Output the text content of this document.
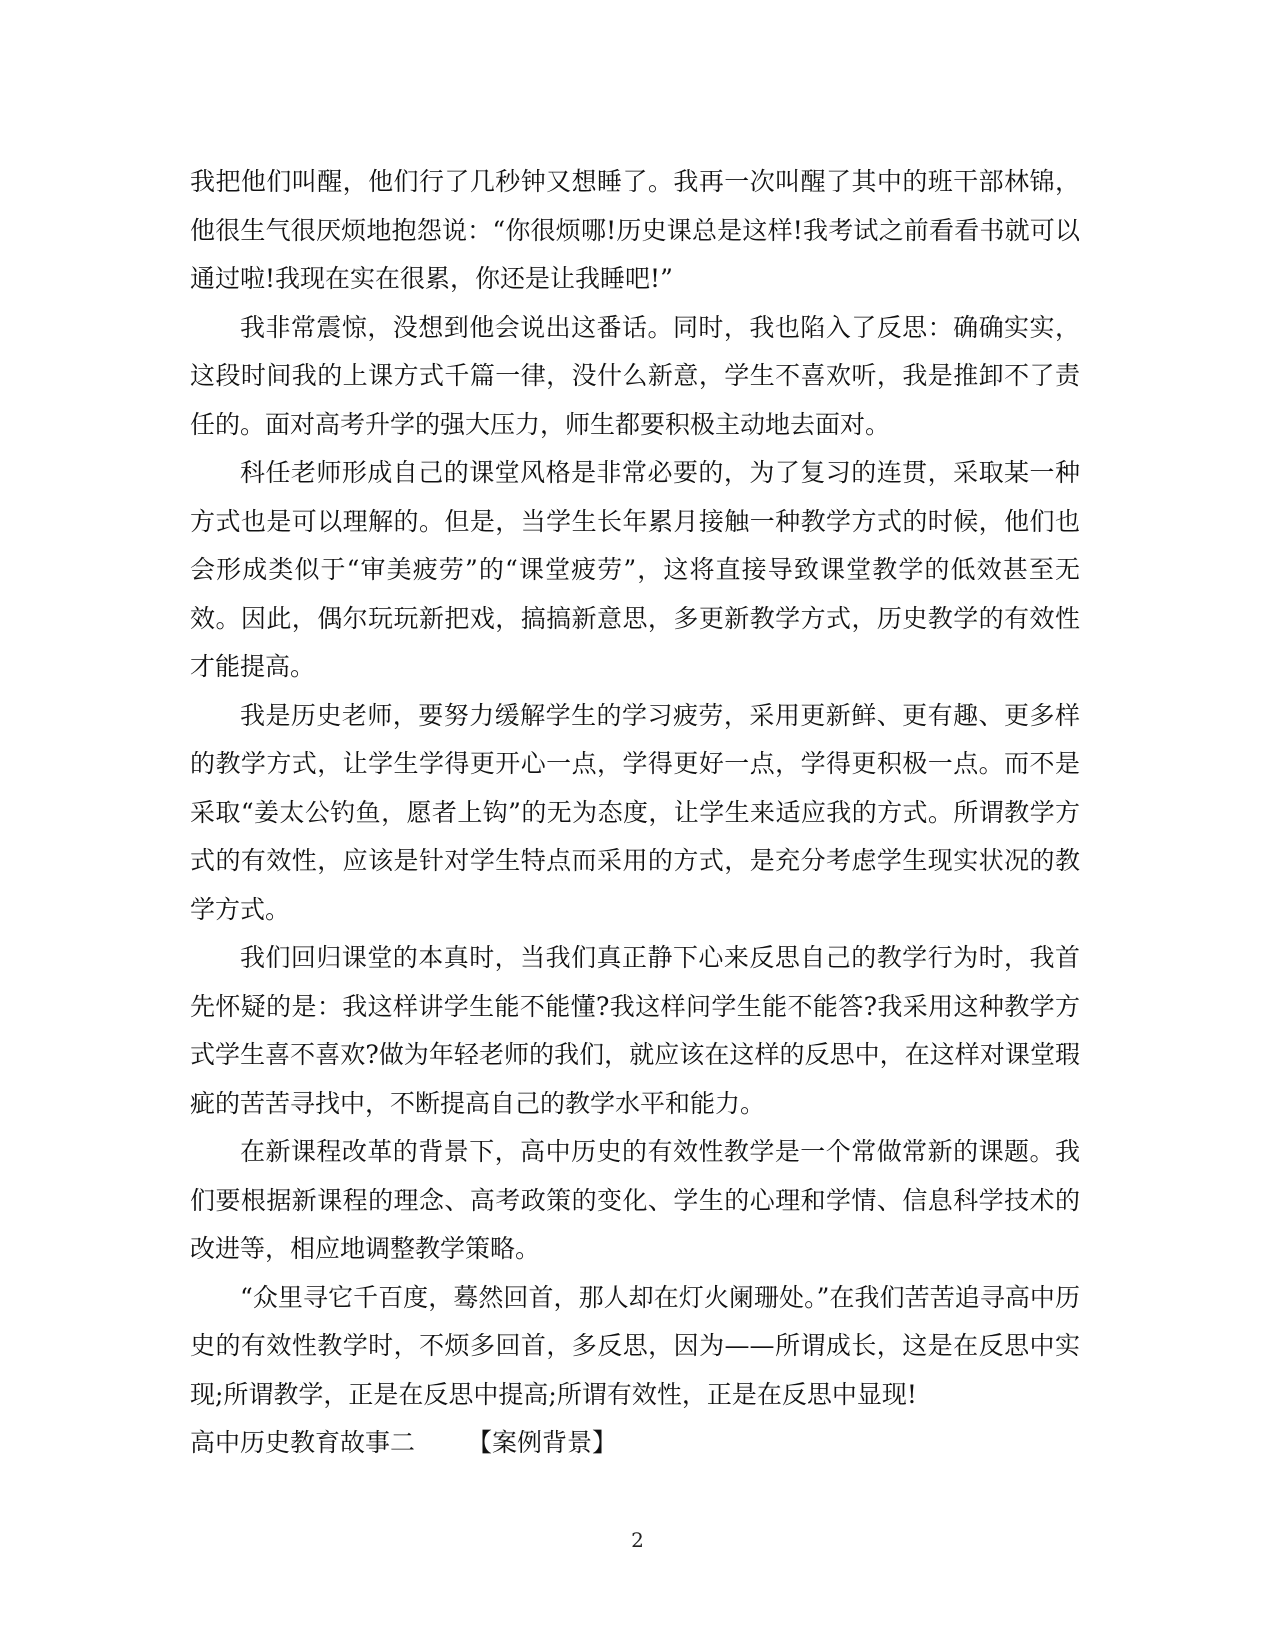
我把他们叫醒，他们行了几秒钟又想睡了。我再一次叫醒了其中的班干部林锦，他很生气很厌烦地抱怨说：“你很烦哪!历史课总是这样!我考试之前看看书就可以通过啦!我现在实在很累，你还是让我睡吧!”

我非常震惊，没想到他会说出这番话。同时，我也陷入了反思：确确实实，这段时间我的上课方式千篇一律，没什么新意，学生不喜欢听，我是推卸不了责任的。面对高考升学的强大压力，师生都要积极主动地去面对。

科任老师形成自己的课堂风格是非常必要的，为了复习的连贯，采取某一种方式也是可以理解的。但是，当学生长年累月接触一种教学方式的时候，他们也会形成类似于“审美疲劳”的“课堂疲劳”，这将直接导致课堂教学的低效甚至无效。因此，偶尔玩玩新把戏，搞搞新意思，多更新教学方式，历史教学的有效性才能提高。

我是历史老师，要努力缓解学生的学习疲劳，采用更新鲜、更有趣、更多样的教学方式，让学生学得更开心一点，学得更好一点，学得更积极一点。而不是采取“姜太公钓鱼，愿者上钩”的无为态度，让学生来适应我的方式。所谓教学方式的有效性，应该是针对学生特点而采用的方式，是充分考虑学生现实状况的教学方式。

我们回归课堂的本真时，当我们真正静下心来反思自己的教学行为时，我首先怀疑的是：我这样讲学生能不能懂?我这样问学生能不能答?我采用这种教学方式学生喜不喜欢?做为年轻老师的我们，就应该在这样的反思中，在这样对课堂瑕疵的苦苦寻找中，不断提高自己的教学水平和能力。

在新课程改革的背景下，高中历史的有效性教学是一个常做常新的课题。我们要根据新课程的理念、高考政策的变化、学生的心理和学情、信息科学技术的改进等，相应地调整教学策略。

“众里寻它千百度，蓦然回首，那人却在灯火阑珊处。”在我们苦苦追寻高中历史的有效性教学时，不烦多回首，多反思，因为——所谓成长，这是在反思中实现;所谓教学，正是在反思中提高;所谓有效性，正是在反思中显现!

高中历史教育故事二 【案例背景】
2
